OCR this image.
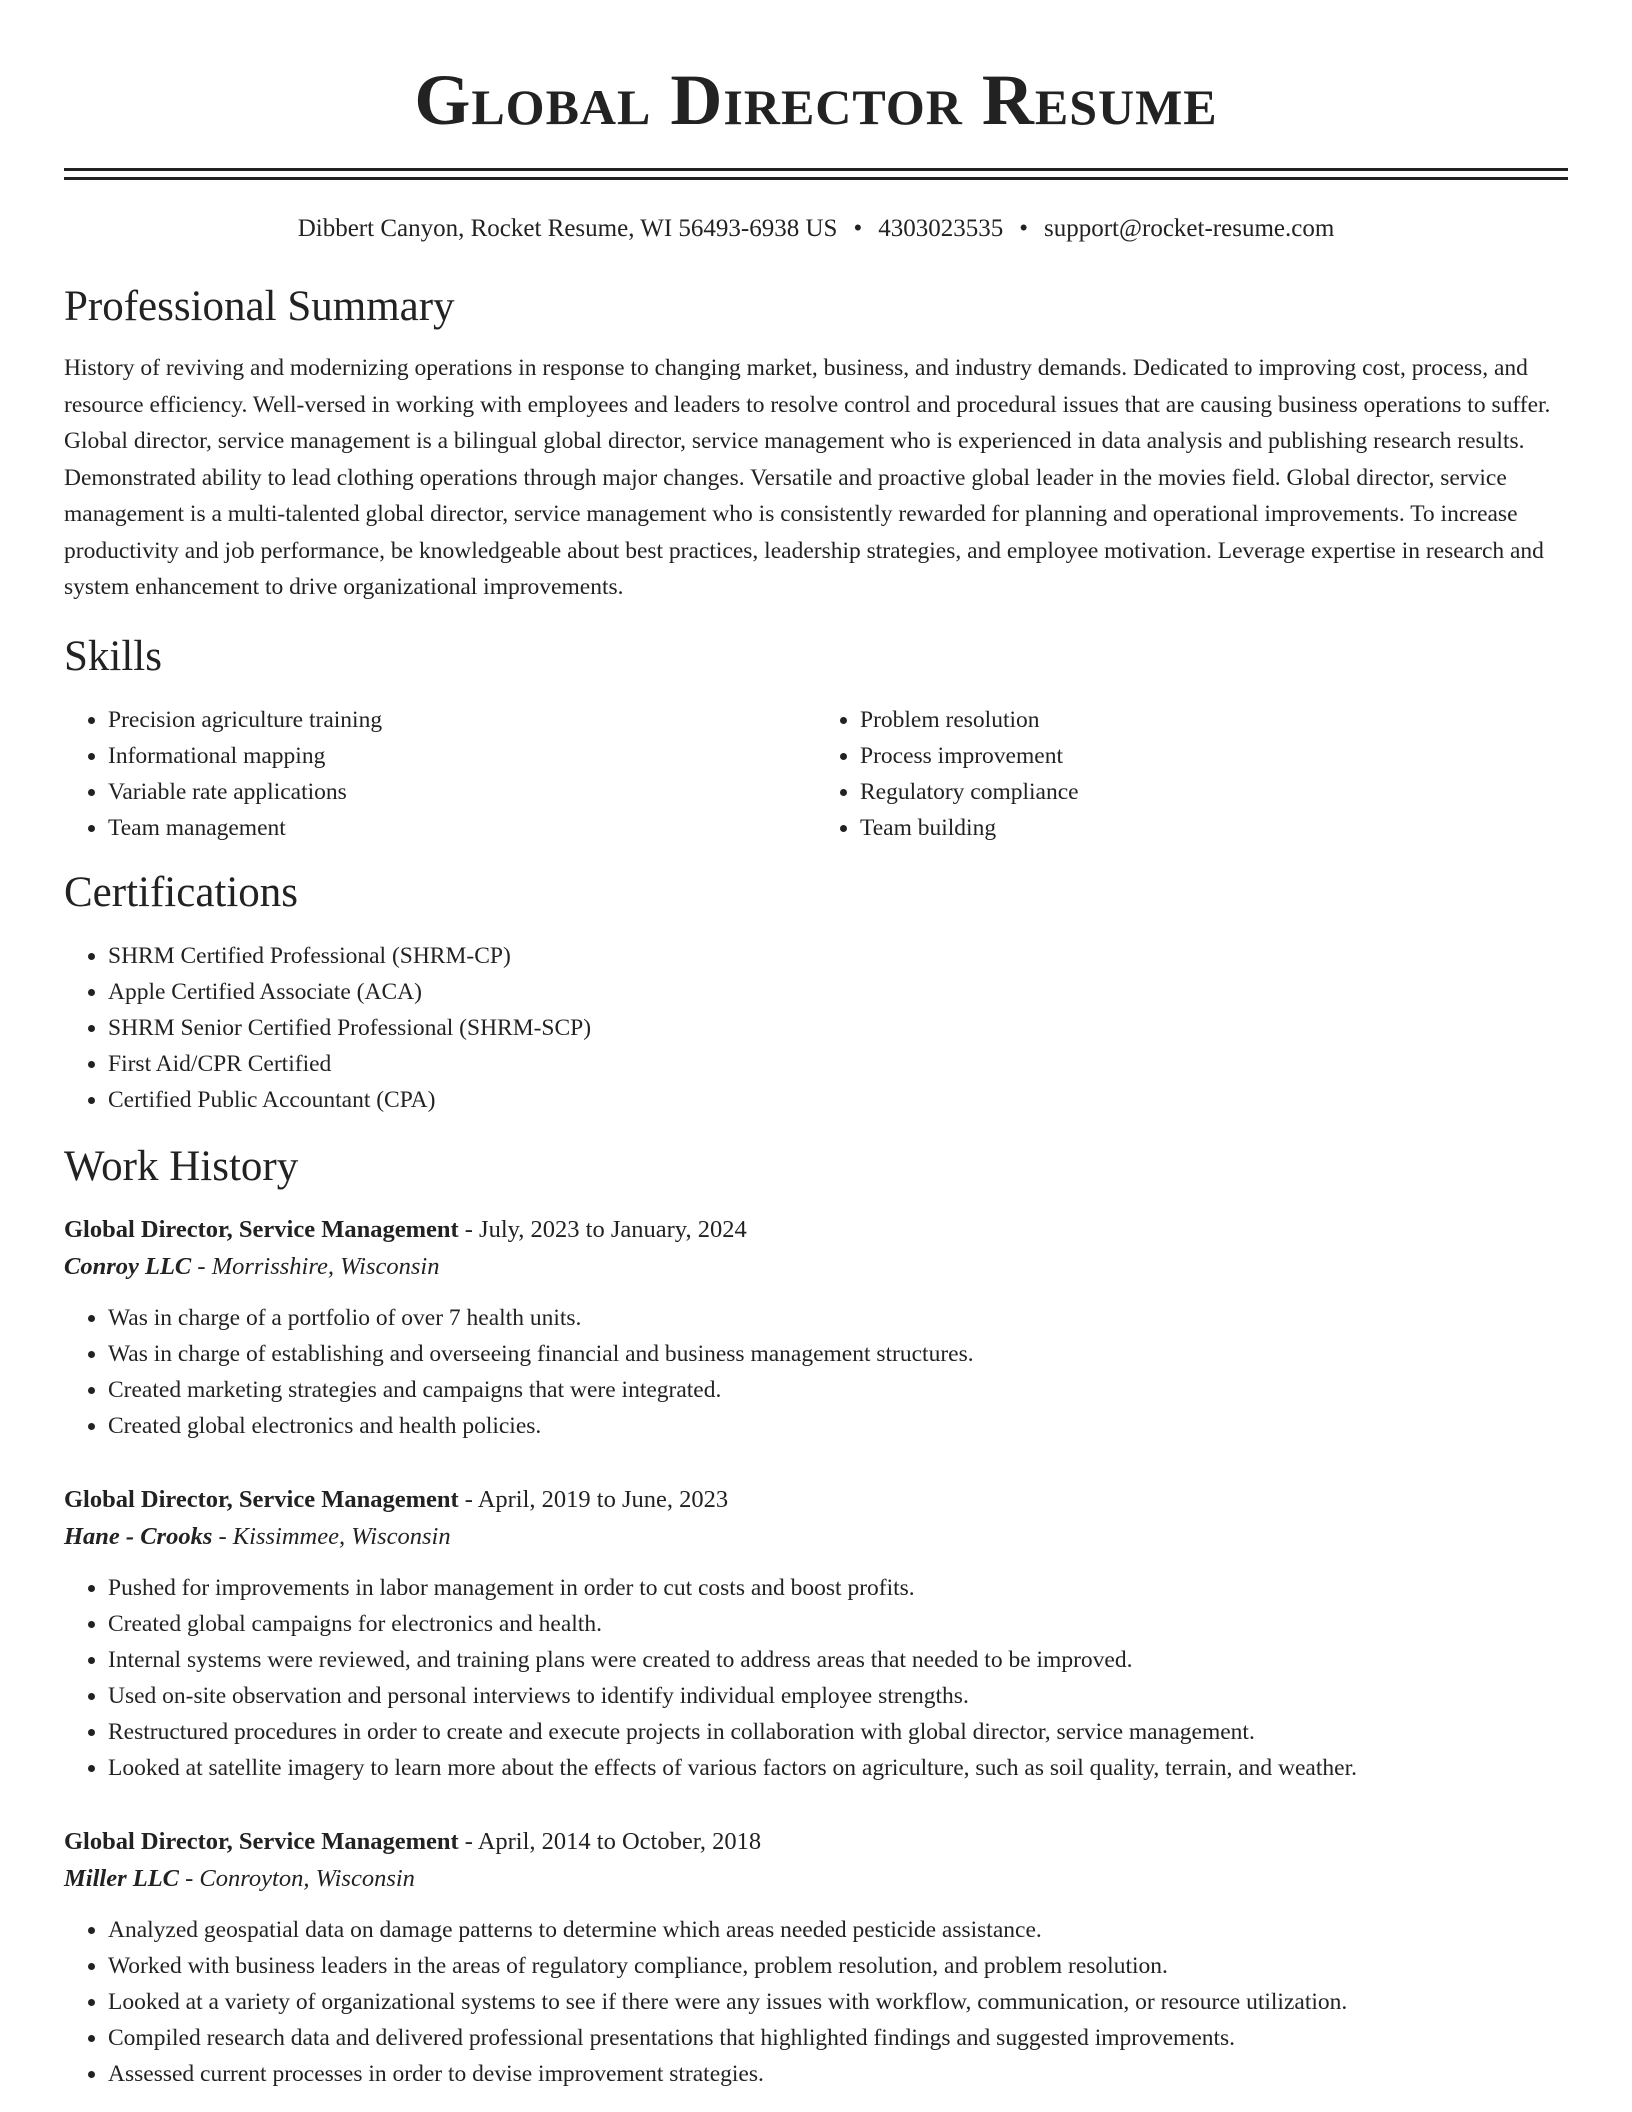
Global Director Resume
Dibbert Canyon, Rocket Resume, WI 56493-6938 US • 4303023535 • support@rocket-resume.com
Professional Summary

History of reviving and modernizing operations in response to changing market, business, and industry demands. Dedicated to improving cost, process, and resource efficiency. Well-versed in working with employees and leaders to resolve control and procedural issues that are causing business operations to suffer. Global director, service management is a bilingual global director, service management who is experienced in data analysis and publishing research results. Demonstrated ability to lead clothing operations through major changes. Versatile and proactive global leader in the movies field. Global director, service management is a multi-talented global director, service management who is consistently rewarded for planning and operational improvements. To increase productivity and job performance, be knowledgeable about best practices, leadership strategies, and employee motivation. Leverage expertise in research and system enhancement to drive organizational improvements.

Skills
• Precision agriculture training
• Informational mapping
• Variable rate applications
• Team management
• Problem resolution
• Process improvement
• Regulatory compliance
• Team building
Certifications
• SHRM Certified Professional (SHRM-CP)
• Apple Certified Associate (ACA)
• SHRM Senior Certified Professional (SHRM-SCP)
• First Aid/CPR Certified
• Certified Public Accountant (CPA)
Work History
Global Director, Service Management - July, 2023 to January, 2024
Conroy LLC - Morrisshire, Wisconsin
• Was in charge of a portfolio of over 7 health units.
• Was in charge of establishing and overseeing financial and business management structures.
• Created marketing strategies and campaigns that were integrated.
• Created global electronics and health policies.
Global Director, Service Management - April, 2019 to June, 2023
Hane - Crooks - Kissimmee, Wisconsin
• Pushed for improvements in labor management in order to cut costs and boost profits.
• Created global campaigns for electronics and health.
• Internal systems were reviewed, and training plans were created to address areas that needed to be improved.
• Used on-site observation and personal interviews to identify individual employee strengths.
• Restructured procedures in order to create and execute projects in collaboration with global director, service management.
• Looked at satellite imagery to learn more about the effects of various factors on agriculture, such as soil quality, terrain, and weather.
Global Director, Service Management - April, 2014 to October, 2018
Miller LLC - Conroyton, Wisconsin
• Analyzed geospatial data on damage patterns to determine which areas needed pesticide assistance.
• Worked with business leaders in the areas of regulatory compliance, problem resolution, and problem resolution.
• Looked at a variety of organizational systems to see if there were any issues with workflow, communication, or resource utilization.
• Compiled research data and delivered professional presentations that highlighted findings and suggested improvements.
• Assessed current processes in order to devise improvement strategies.
